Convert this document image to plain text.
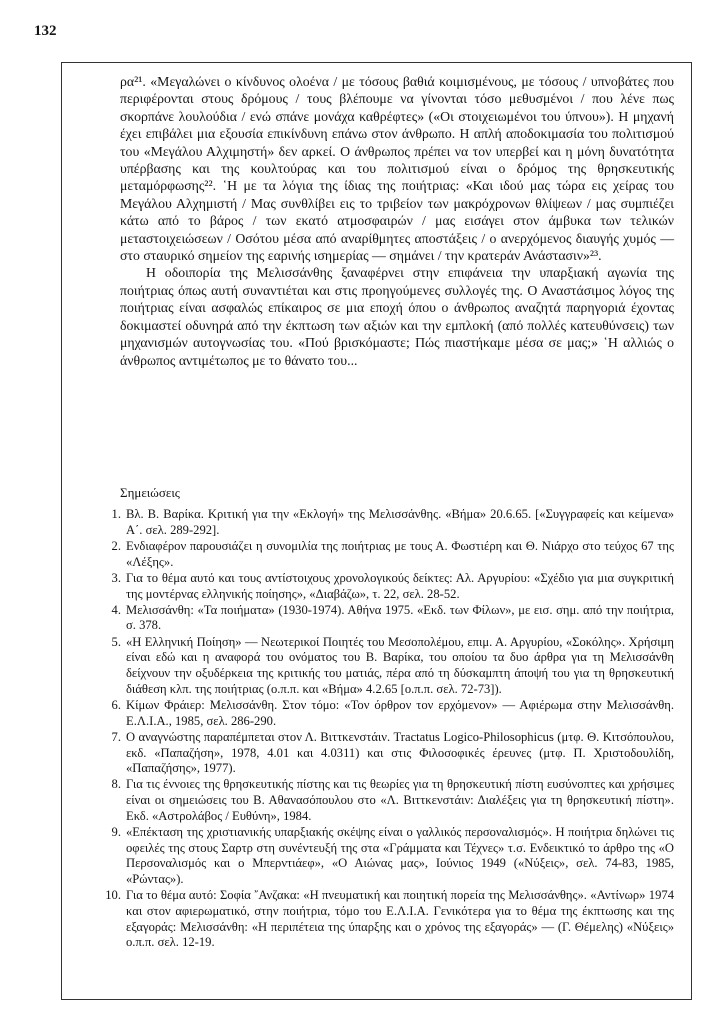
132

ρα²¹. «Μεγαλώνει ο κίνδυνος ολοένα / με τόσους βαθιά κοιμισμένους, με τόσους / υπνοβάτες που περιφέρονται στους δρόμους / τους βλέπουμε να γίνονται τόσο μεθυσμένοι / που λένε πως σκορπάνε λουλούδια / ενώ σπάνε μονάχα καθρέφτες» («Οι στοιχειωμένοι του ύπνου»). Η μηχανή έχει επιβάλει μια εξουσία επικίνδυνη επάνω στον άνθρωπο. Η απλή αποδοκιμασία του πολιτισμού του «Μεγάλου Αλχιμηστή» δεν αρκεί. Ο άνθρωπος πρέπει να τον υπερβεί και η μόνη δυνατότητα υπέρβασης και της κουλτούρας και του πολιτισμού είναι ο δρόμος της θρησκευτικής μεταμόρφωσης²². ῾Η με τα λόγια της ίδιας της ποιήτριας: «Και ιδού μας τώρα εις χείρας του Μεγάλου Αλχημιστή / Μας συνθλίβει εις το τριβείον των μακρόχρονων θλίψεων / μας συμπιέζει κάτω από το βάρος / των εκατό ατμοσφαιρών / μας εισάγει στον άμβυκα των τελικών μεταστοιχειώσεων / Οσότου μέσα από αναρίθμητες αποστάξεις / ο ανερχόμενος διαυγής χυμός — στο σταυρικό σημείον της εαρινής ισημερίας — σημάνει / την κρατεράν Ανάστασιν»²³.

Η οδοιπορία της Μελισσάνθης ξαναφέρνει στην επιφάνεια την υπαρξιακή αγωνία της ποιήτριας όπως αυτή συναντιέται και στις προηγούμενες συλλογές της. Ο Αναστάσιμος λόγος της ποιήτριας είναι ασφαλώς επίκαιρος σε μια εποχή όπου ο άνθρωπος αναζητά παρηγοριά έχοντας δοκιμαστεί οδυνηρά από την έκπτωση των αξιών και την εμπλοκή (από πολλές κατευθύνσεις) των μηχανισμών αυτογνωσίας του. «Πού βρισκόμαστε; Πώς πιαστήκαμε μέσα σε μας;» ῾Η αλλιώς ο άνθρωπος αντιμέτωπος με το θάνατο του...

Σημειώσεις
1. Βλ. Β. Βαρίκα. Κριτική για την «Εκλογή» της Μελισσάνθης. «Βήμα» 20.6.65. [«Συγγραφείς και κείμενα» Α΄. σελ. 289-292].
2. Ενδιαφέρον παρουσιάζει η συνομιλία της ποιήτριας με τους Α. Φωστιέρη και Θ. Νιάρχο στο τεύχος 67 της «Λέξης».
3. Για το θέμα αυτό και τους αντίστοιχους χρονολογικούς δείκτες: Αλ. Αργυρίου: «Σχέδιο για μια συγκριτική της μοντέρνας ελληνικής ποίησης», «Διαβάζω», τ. 22, σελ. 28-52.
4. Μελισσάνθη: «Τα ποιήματα» (1930-1974). Αθήνα 1975. «Εκδ. των Φίλων», με εισ. σημ. από την ποιήτρια, σ. 378.
5. «Η Ελληνική Ποίηση» — Νεωτερικοί Ποιητές του Μεσοπολέμου, επιμ. Α. Αργυρίου, «Σοκόλης». Χρήσιμη είναι εδώ και η αναφορά του ονόματος του Β. Βαρίκα, του οποίου τα δυο άρθρα για τη Μελισσάνθη δείχνουν την οξυδέρκεια της κριτικής του ματιάς, πέρα από τη δύσκαμπτη άποψή του για τη θρησκευτική διάθεση κλπ. της ποιήτριας (ο.π.π. και «Βήμα» 4.2.65 [ο.π.π. σελ. 72-73]).
6. Κίμων Φράιερ: Μελισσάνθη. Στον τόμο: «Τον όρθρον τον ερχόμενον» — Αφιέρωμα στην Μελισσάνθη. Ε.Λ.Ι.Α., 1985, σελ. 286-290.
7. Ο αναγνώστης παραπέμπεται στον Λ. Βιττκενστάιν. Tractatus Logico-Philosophicus (μτφ. Θ. Κιτσόπουλου, εκδ. «Παπαζήση», 1978, 4.01 και 4.0311) και στις Φιλοσοφικές έρευνες (μτφ. Π. Χριστοδουλίδη, «Παπαζήσης», 1977).
8. Για τις έννοιες της θρησκευτικής πίστης και τις θεωρίες για τη θρησκευτική πίστη ευσύνοπτες και χρήσιμες είναι οι σημειώσεις του Β. Αθανασόπουλου στο «Λ. Βιττκενστάιν: Διαλέξεις για τη θρησκευτική πίστη». Εκδ. «Αστρολάβος / Ευθύνη», 1984.
9. «Επέκταση της χριστιανικής υπαρξιακής σκέψης είναι ο γαλλικός περσοναλισμός». Η ποιήτρια δηλώνει τις οφειλές της στους Σαρτρ στη συνέντευξή της στα «Γράμματα και Τέχνες» τ.σ. Ενδεικτικό το άρθρο της «Ο Περσοναλισμός και ο Μπερντιάεφ», «Ο Αιώνας μας», Ιούνιος 1949 («Νύξεις», σελ. 74-83, 1985, «Ρώντας»).
10. Για το θέμα αυτό: Σοφία ῎Ανζακα: «Η πνευματική και ποιητική πορεία της Μελισσάνθης». «Αντίνωρ» 1974 και στον αφιερωματικό, στην ποιήτρια, τόμο του Ε.Λ.Ι.Α. Γενικότερα για το θέμα της έκπτωσης και της εξαγοράς: Μελισσάνθη: «Η περιπέτεια της ύπαρξης και ο χρόνος της εξαγοράς» — (Γ. Θέμελης) «Νύξεις» ο.π.π. σελ. 12-19.
